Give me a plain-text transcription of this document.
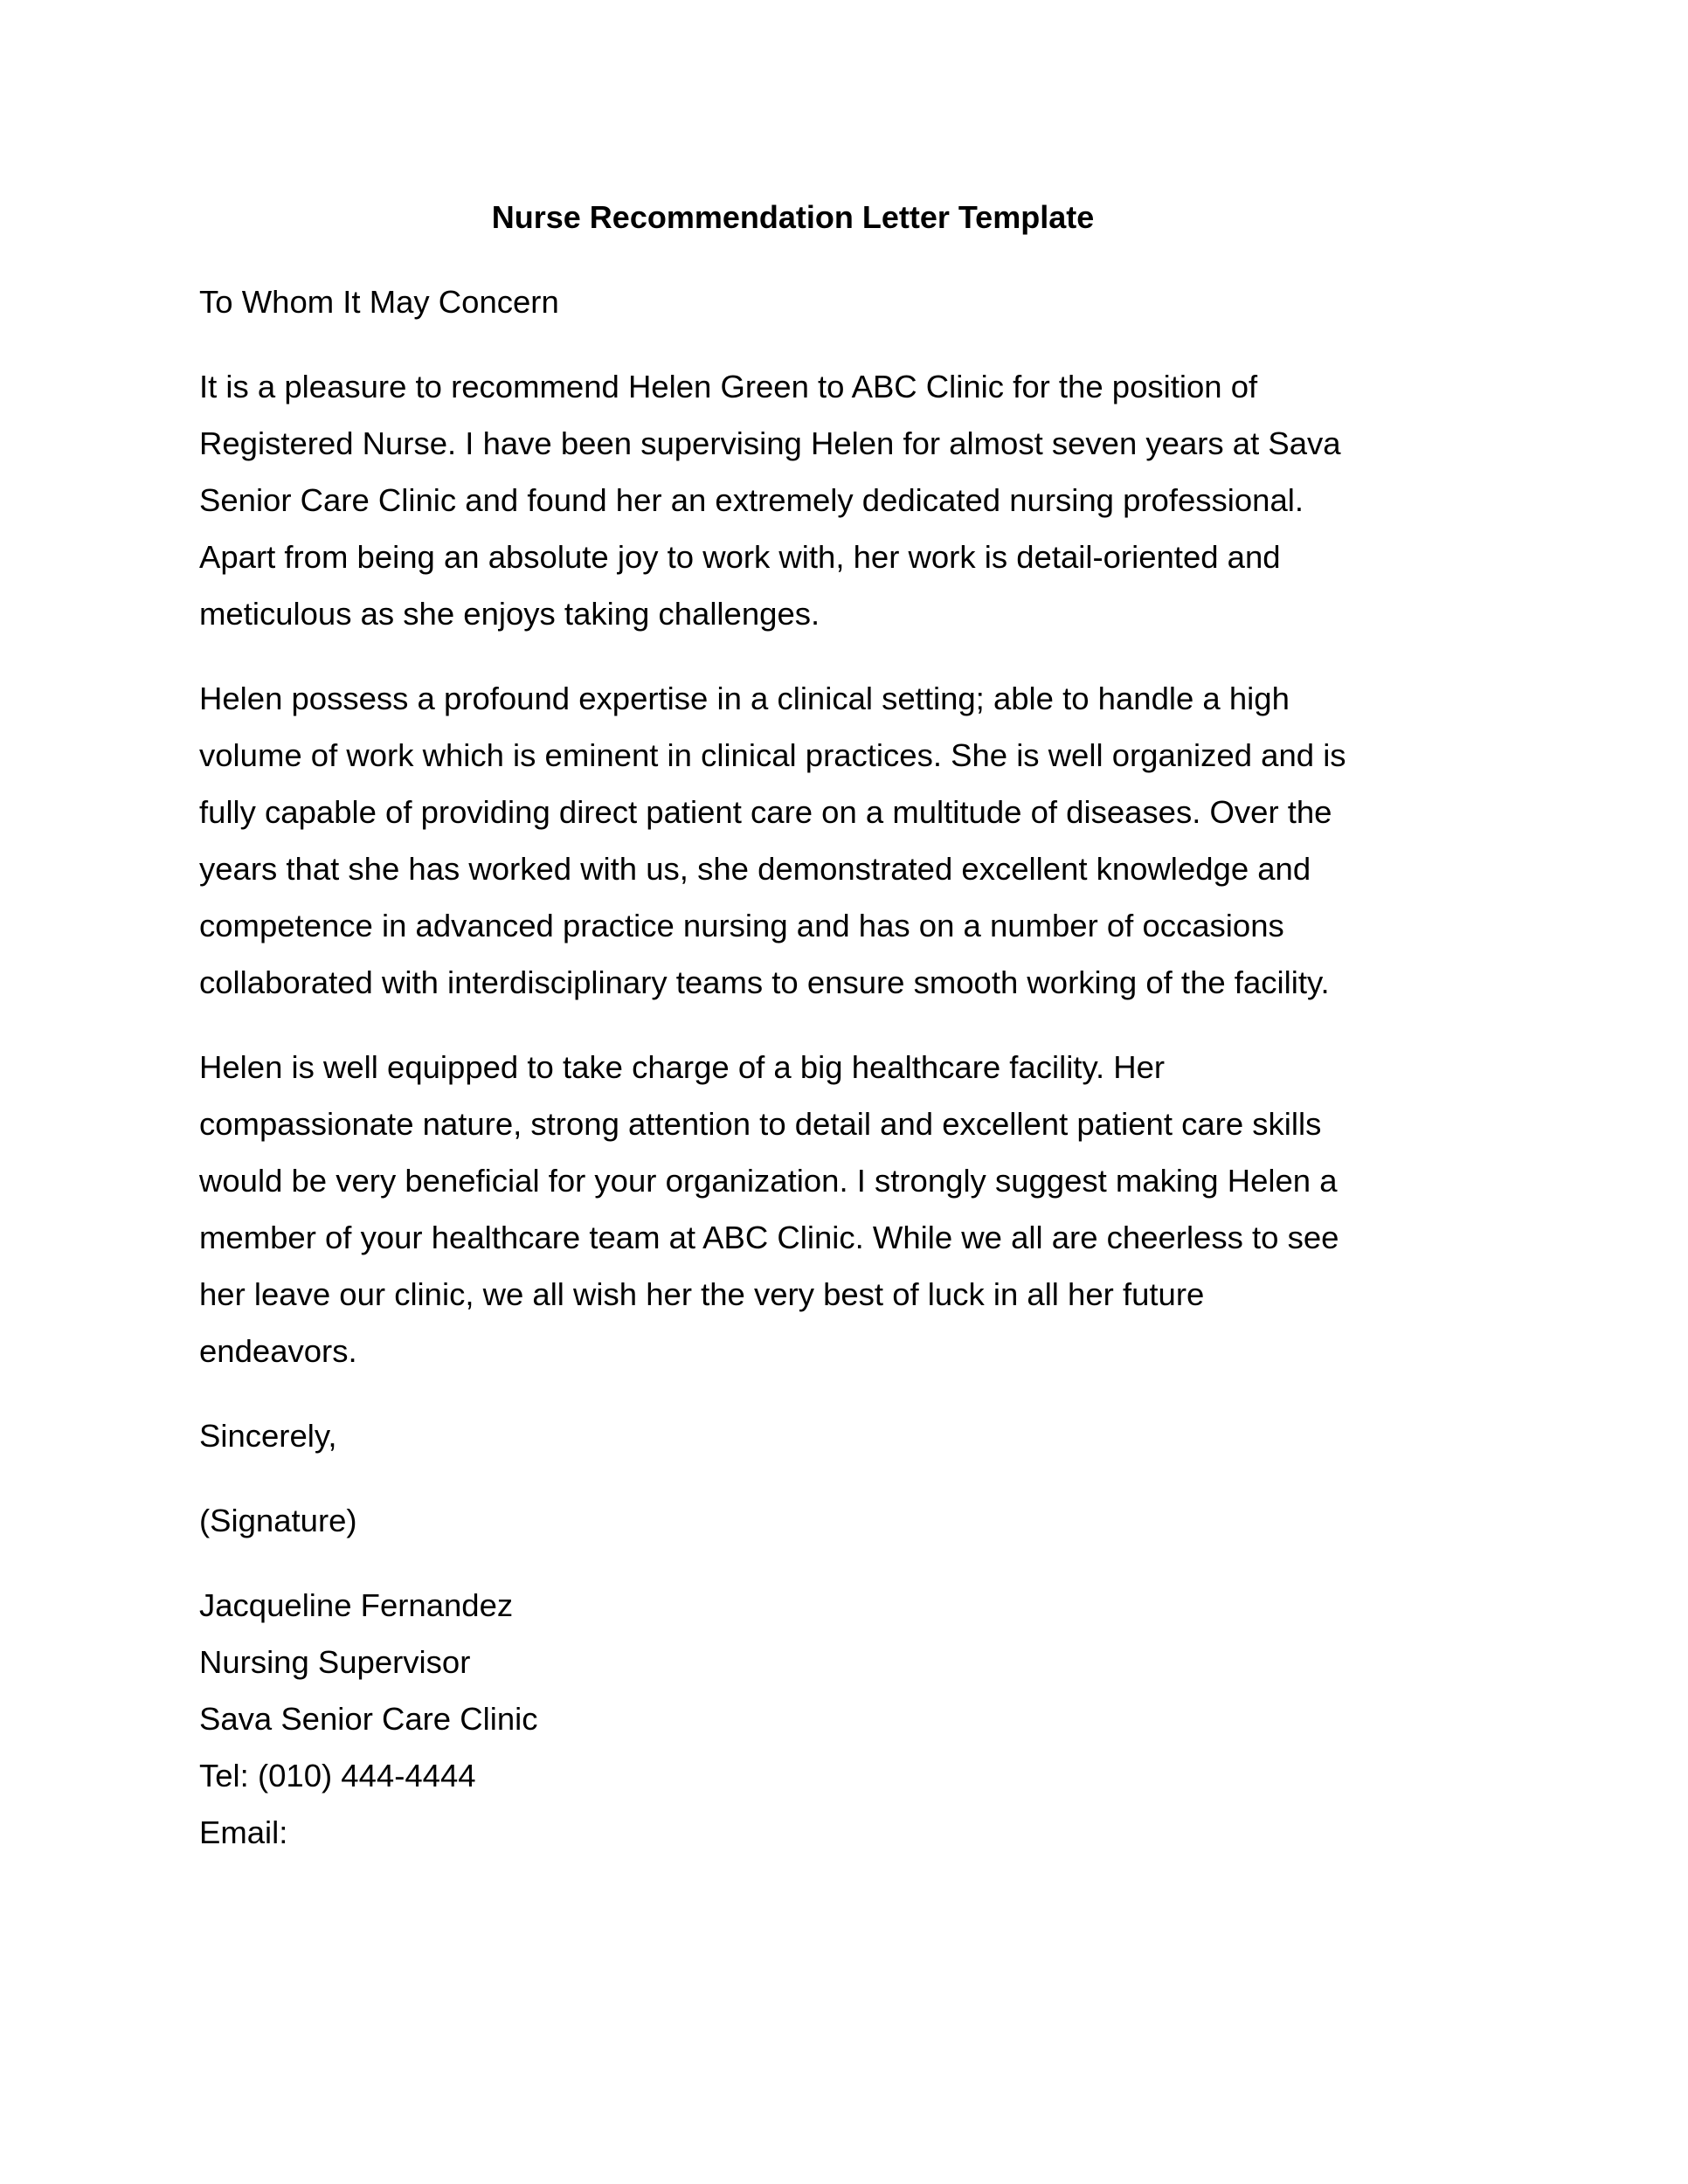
Nurse Recommendation Letter Template
To Whom It May Concern
It is a pleasure to recommend Helen Green to ABC Clinic for the position of
Registered Nurse. I have been supervising Helen for almost seven years at Sava
Senior Care Clinic and found her an extremely dedicated nursing professional.
Apart from being an absolute joy to work with, her work is detail-oriented and
meticulous as she enjoys taking challenges.
Helen possess a profound expertise in a clinical setting; able to handle a high
volume of work which is eminent in clinical practices. She is well organized and is
fully capable of providing direct patient care on a multitude of diseases. Over the
years that she has worked with us, she demonstrated excellent knowledge and
competence in advanced practice nursing and has on a number of occasions
collaborated with interdisciplinary teams to ensure smooth working of the facility.
Helen is well equipped to take charge of a big healthcare facility. Her
compassionate nature, strong attention to detail and excellent patient care skills
would be very beneficial for your organization. I strongly suggest making Helen a
member of your healthcare team at ABC Clinic. While we all are cheerless to see
her leave our clinic, we all wish her the very best of luck in all her future
endeavors.
Sincerely,
(Signature)
Jacqueline Fernandez
Nursing Supervisor
Sava Senior Care Clinic
Tel: (010) 444-4444
Email:
